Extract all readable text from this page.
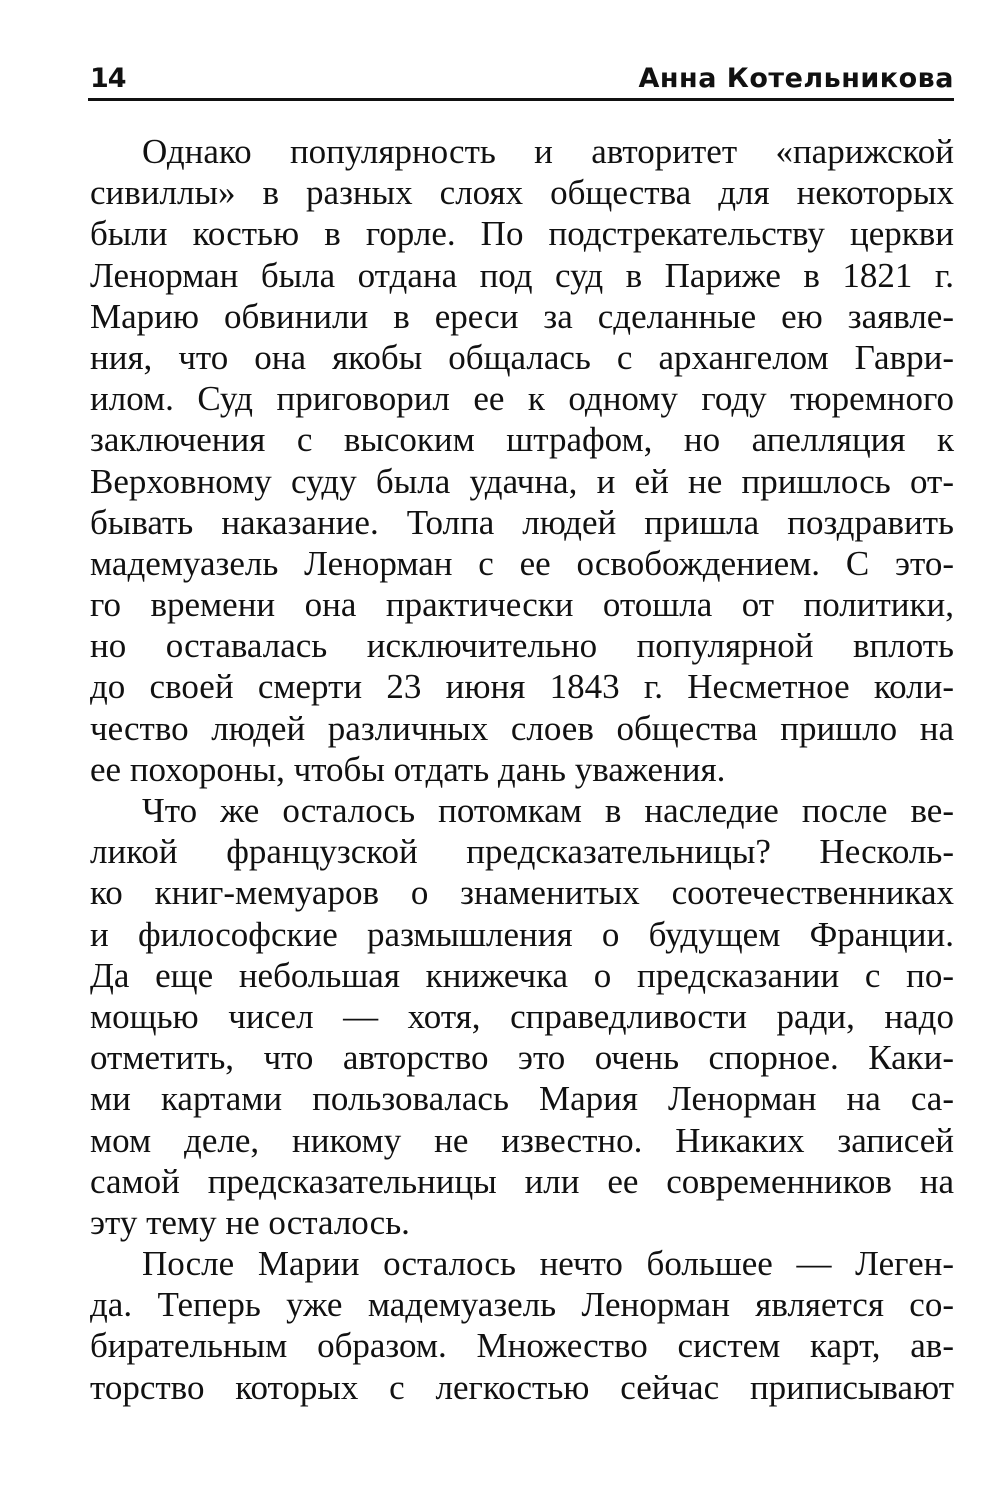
14	Анна Котельникова
Однако популярность и авторитет «парижской
сивиллы» в разных слоях общества для некоторых
были костью в горле. По подстрекательству церкви
Ленорман была отдана под суд в Париже в 1821 г.
Марию обвинили в ереси за сделанные ею заявле-
ния, что она якобы общалась с архангелом Гаври-
илом. Суд приговорил ее к одному году тюремного
заключения с высоким штрафом, но апелляция к
Верховному суду была удачна, и ей не пришлось от-
бывать наказание. Толпа людей пришла поздравить
мадемуазель Ленорман с ее освобождением. С это-
го времени она практически отошла от политики,
но оставалась исключительно популярной вплоть
до своей смерти 23 июня 1843 г. Несметное коли-
чество людей различных слоев общества пришло на
ее похороны, чтобы отдать дань уважения.
Что же осталось потомкам в наследие после ве-
ликой французской предсказательницы? Несколь-
ко книг-мемуаров о знаменитых соотечественниках
и философские размышления о будущем Франции.
Да еще небольшая книжечка о предсказании с по-
мощью чисел — хотя, справедливости ради, надо
отметить, что авторство это очень спорное. Каки-
ми картами пользовалась Мария Ленорман на са-
мом деле, никому не известно. Никаких записей
самой предсказательницы или ее современников на
эту тему не осталось.
После Марии осталось нечто большее — Леген-
да. Теперь уже мадемуазель Ленорман является со-
бирательным образом. Множество систем карт, ав-
торство которых с легкостью сейчас приписывают
